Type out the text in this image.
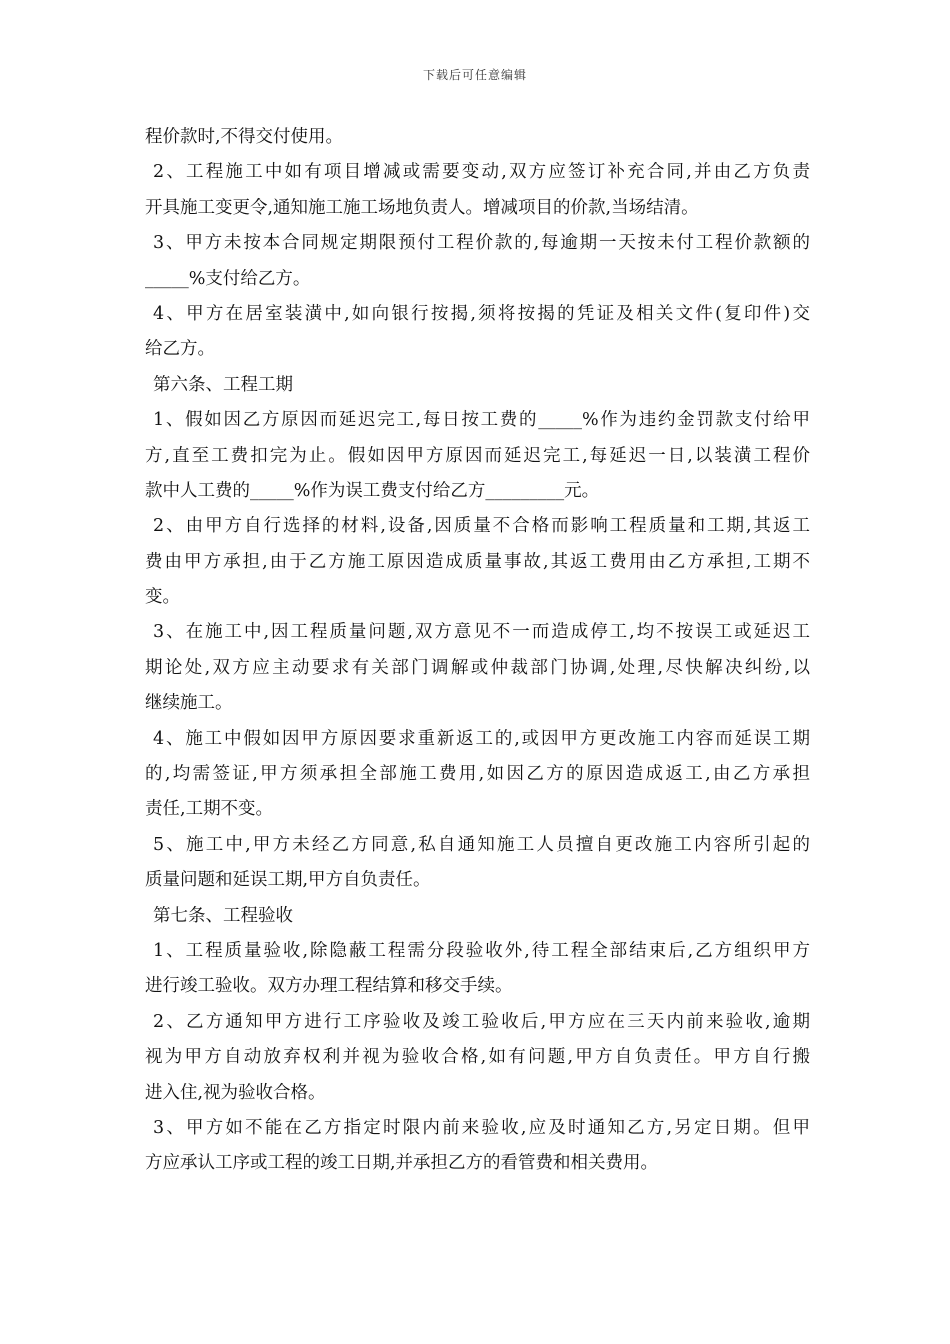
下载后可任意编辑
程价款时,不得交付使用。
2、工程施工中如有项目增减或需要变动,双方应签订补充合同,并由乙方负责
开具施工变更令,通知施工施工场地负责人。增减项目的价款,当场结清。
3、甲方未按本合同规定期限预付工程价款的,每逾期一天按未付工程价款额的
_____%支付给乙方。
4、甲方在居室装潢中,如向银行按揭,须将按揭的凭证及相关文件(复印件)交
给乙方。
第六条、工程工期
1、假如因乙方原因而延迟完工,每日按工费的_____%作为违约金罚款支付给甲
方,直至工费扣完为止。假如因甲方原因而延迟完工,每延迟一日,以装潢工程价
款中人工费的_____%作为误工费支付给乙方_________元。
2、由甲方自行选择的材料,设备,因质量不合格而影响工程质量和工期,其返工
费由甲方承担,由于乙方施工原因造成质量事故,其返工费用由乙方承担,工期不
变。
3、在施工中,因工程质量问题,双方意见不一而造成停工,均不按误工或延迟工
期论处,双方应主动要求有关部门调解或仲裁部门协调,处理,尽快解决纠纷,以
继续施工。
4、施工中假如因甲方原因要求重新返工的,或因甲方更改施工内容而延误工期
的,均需签证,甲方须承担全部施工费用,如因乙方的原因造成返工,由乙方承担
责任,工期不变。
5、施工中,甲方未经乙方同意,私自通知施工人员擅自更改施工内容所引起的
质量问题和延误工期,甲方自负责任。
第七条、工程验收
1、工程质量验收,除隐蔽工程需分段验收外,待工程全部结束后,乙方组织甲方
进行竣工验收。双方办理工程结算和移交手续。
2、乙方通知甲方进行工序验收及竣工验收后,甲方应在三天内前来验收,逾期
视为甲方自动放弃权利并视为验收合格,如有问题,甲方自负责任。甲方自行搬
进入住,视为验收合格。
3、甲方如不能在乙方指定时限内前来验收,应及时通知乙方,另定日期。但甲
方应承认工序或工程的竣工日期,并承担乙方的看管费和相关费用。
